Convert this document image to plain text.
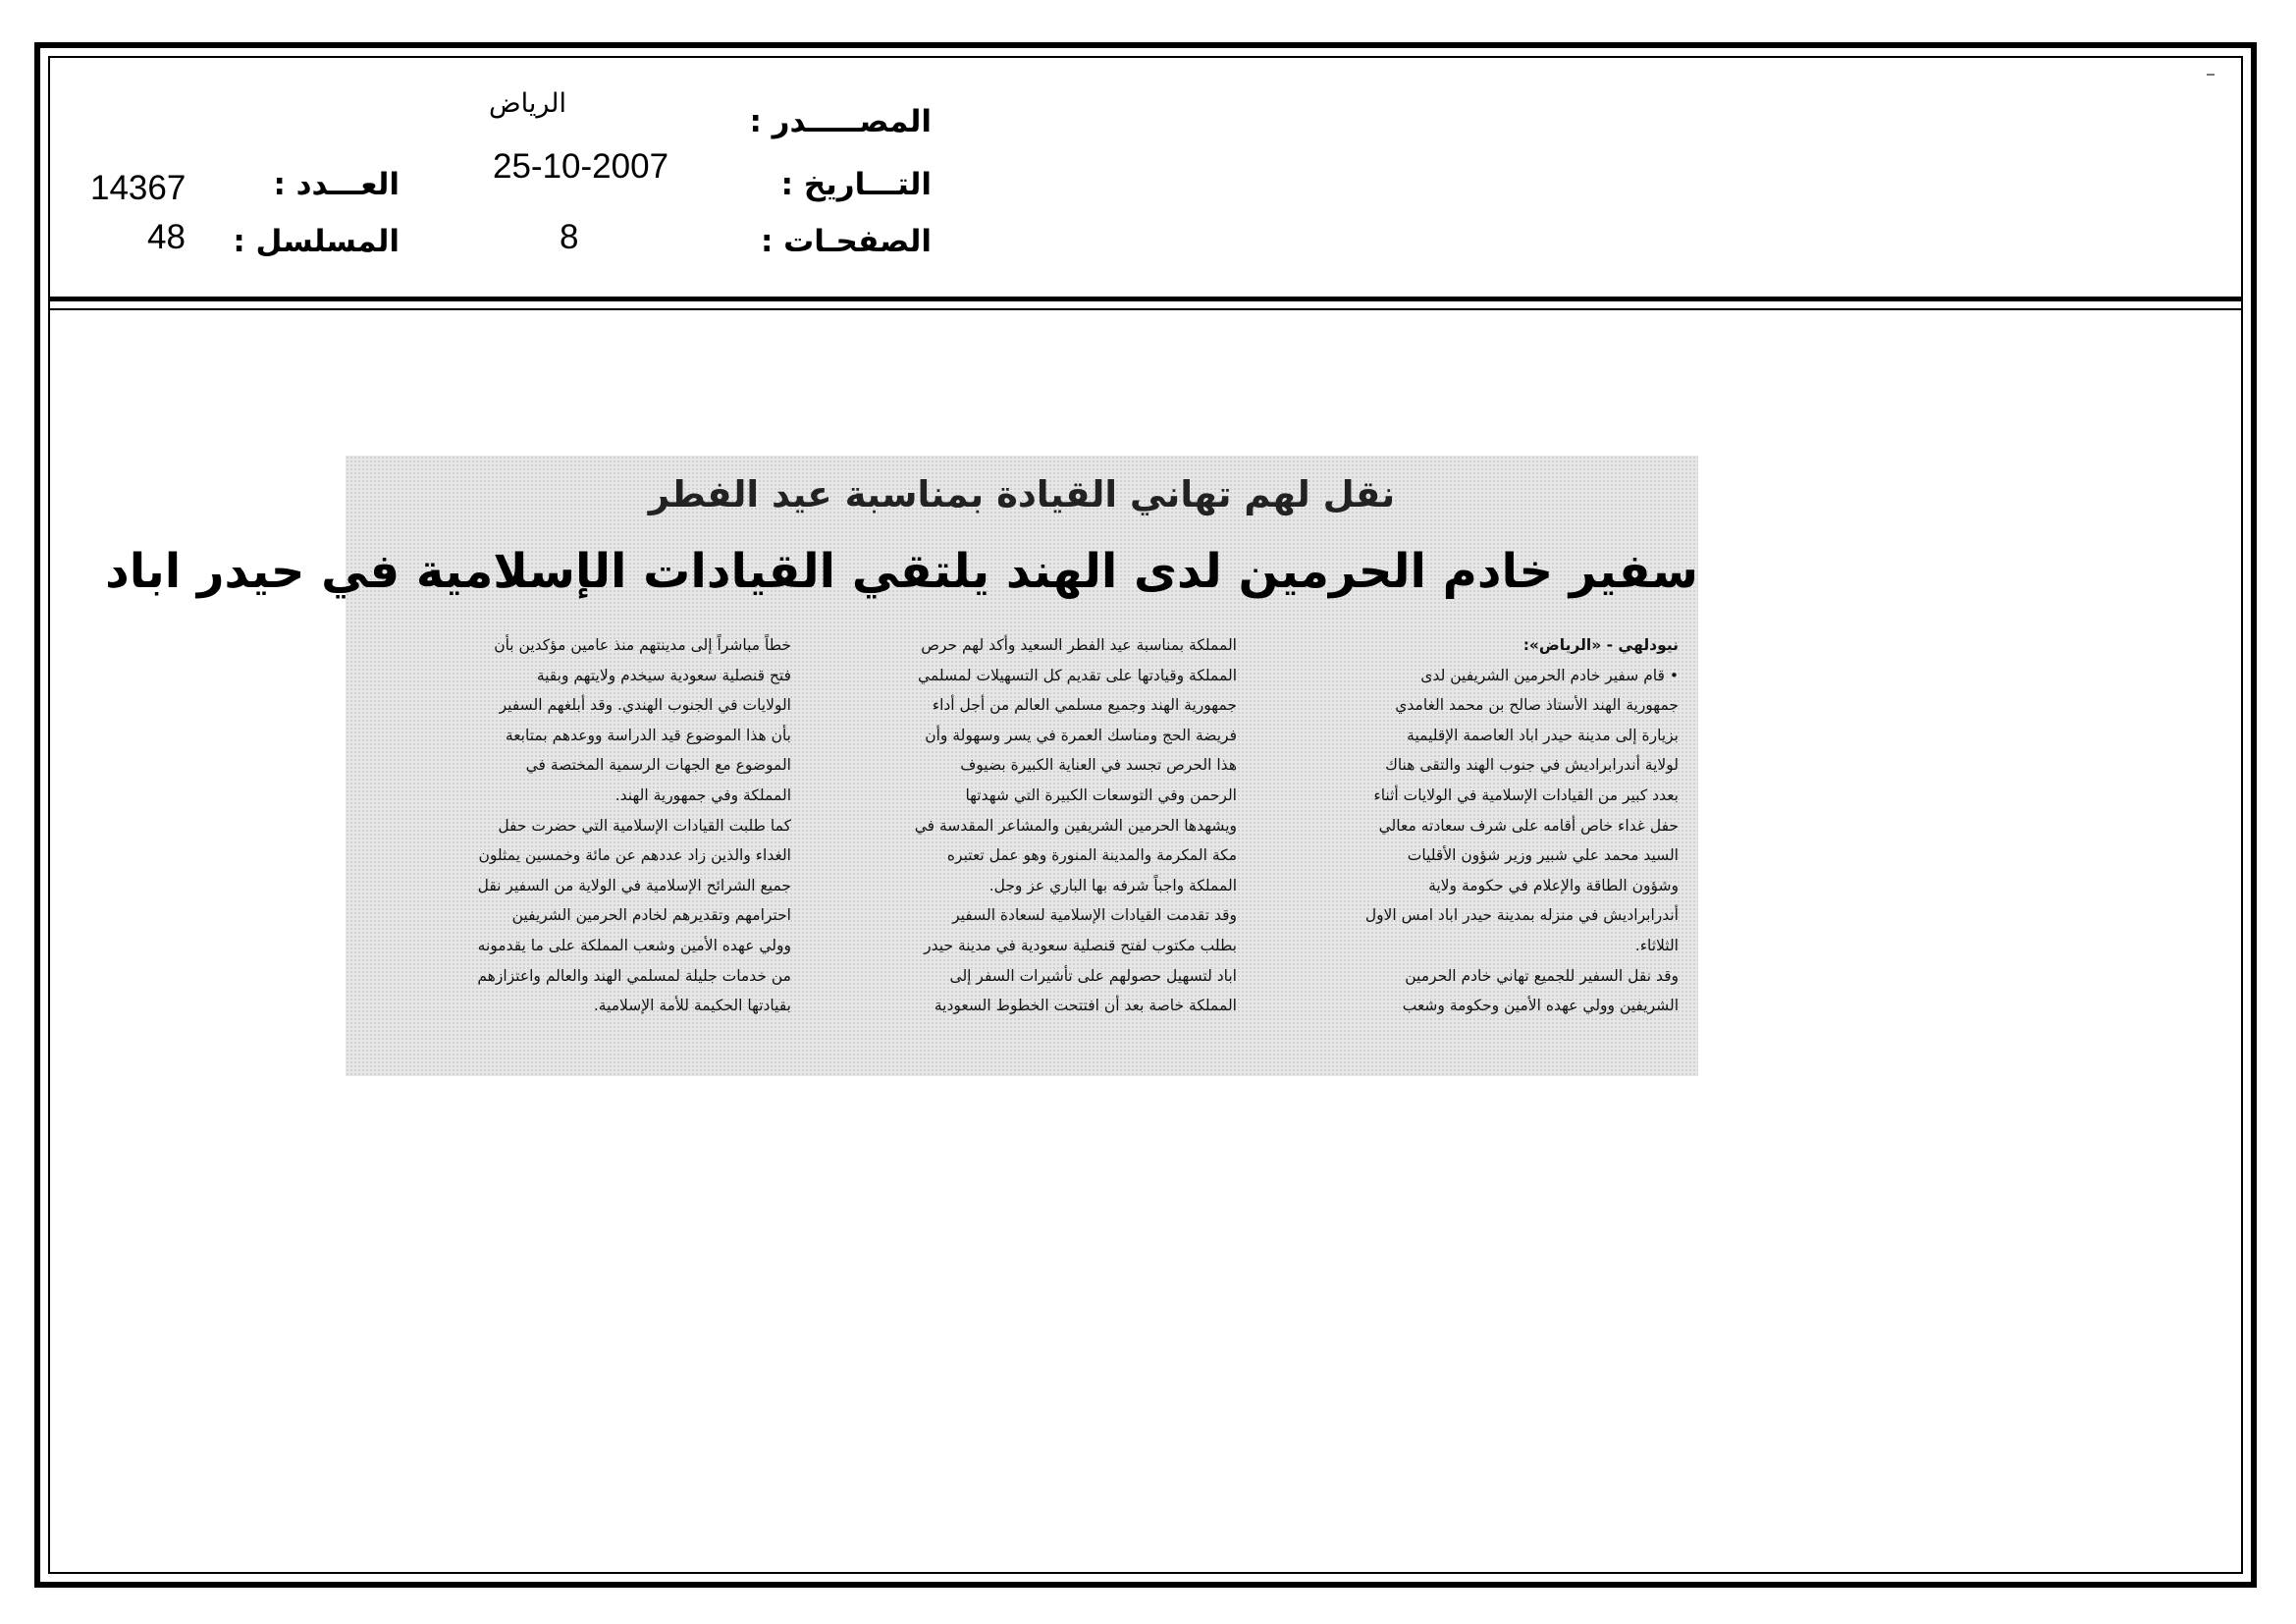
المصـــــدر :
الرياض
التـــاريخ :
25-10-2007
الصفحـات :
8
العـــدد :
14367
المسلسل :
48
نقل لهم تهاني القيادة بمناسبة عيد الفطر
سفير خادم الحرمين لدى الهند يلتقي القيادات الإسلامية في حيدر اباد
نيودلهي - «الرياض»:
• قام سفير خادم الحرمين الشريفين لدى
جمهورية الهند الأستاذ صالح بن محمد الغامدي
بزيارة إلى مدينة حيدر اباد العاصمة الإقليمية
لولاية أندرابراديش في جنوب الهند والتقى هناك
بعدد كبير من القيادات الإسلامية في الولايات أثناء
حفل غداء خاص أقامه على شرف سعادته معالي
السيد محمد علي شبير وزير شؤون الأقليات
وشؤون الطاقة والإعلام في حكومة ولاية
أندرابراديش في منزله بمدينة حيدر اباد امس الاول
الثلاثاء.
وقد نقل السفير للجميع تهاني خادم الحرمين
الشريفين وولي عهده الأمين وحكومة وشعب
المملكة بمناسبة عيد الفطر السعيد وأكد لهم حرص
المملكة وقيادتها على تقديم كل التسهيلات لمسلمي
جمهورية الهند وجميع مسلمي العالم من أجل أداء
فريضة الحج ومناسك العمرة في يسر وسهولة وأن
هذا الحرص تجسد في العناية الكبيرة بضيوف
الرحمن وفي التوسعات الكبيرة التي شهدتها
ويشهدها الحرمين الشريفين والمشاعر المقدسة في
مكة المكرمة والمدينة المنورة وهو عمل تعتبره
المملكة واجباً شرفه بها الباري عز وجل.
وقد تقدمت القيادات الإسلامية لسعادة السفير
بطلب مكتوب لفتح قنصلية سعودية في مدينة حيدر
اباد لتسهيل حصولهم على تأشيرات السفر إلى
المملكة خاصة بعد أن افتتحت الخطوط السعودية
خطاً مباشراً إلى مدينتهم منذ عامين مؤكدين بأن
فتح قنصلية سعودية سيخدم ولايتهم وبقية
الولايات في الجنوب الهندي. وقد أبلغهم السفير
بأن هذا الموضوع قيد الدراسة ووعدهم بمتابعة
الموضوع مع الجهات الرسمية المختصة في
المملكة وفي جمهورية الهند.
كما طلبت القيادات الإسلامية التي حضرت حفل
الغداء والذين زاد عددهم عن مائة وخمسين يمثلون
جميع الشرائح الإسلامية في الولاية من السفير نقل
احترامهم وتقديرهم لخادم الحرمين الشريفين
وولي عهده الأمين وشعب المملكة على ما يقدمونه
من خدمات جليلة لمسلمي الهند والعالم واعتزازهم
بقيادتها الحكيمة للأمة الإسلامية.
